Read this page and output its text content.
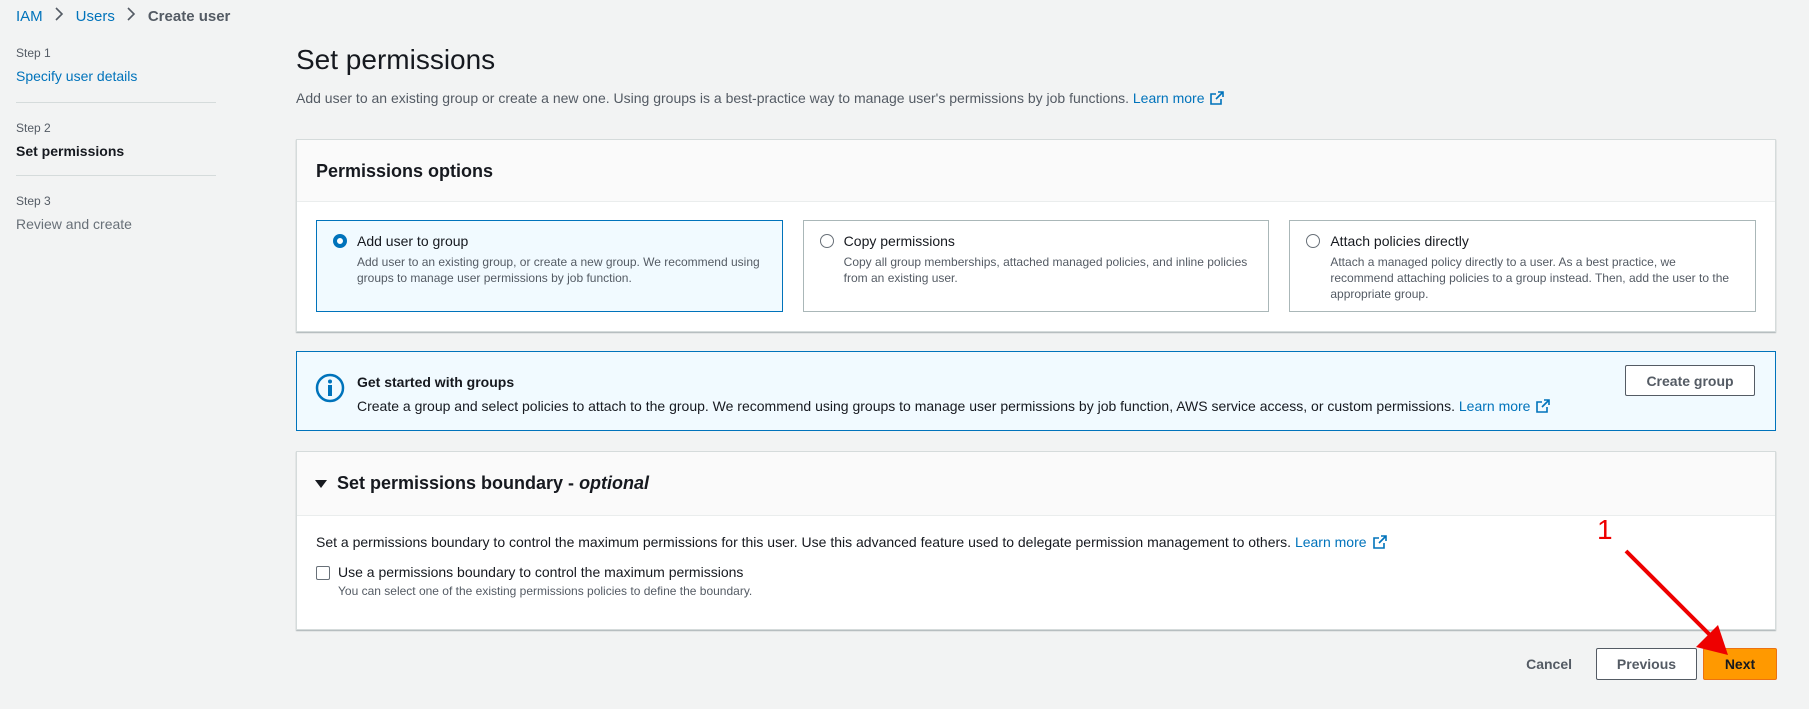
IAM Users Create user
Step 1
Specify user details
Step 2
Set permissions
Step 3
Review and create
Set permissions

Add user to an existing group or create a new one. Using groups is a best-practice way to manage user's permissions by job functions. Learn more

Permissions options
Add user to group
Add user to an existing group, or create a new group. We recommend using groups to manage user permissions by job function.
Copy permissions
Copy all group memberships, attached managed policies, and inline policies from an existing user.
Attach policies directly
Attach a managed policy directly to a user. As a best practice, we recommend attaching policies to a group instead. Then, add the user to the appropriate group.
Get started with groups
Create a group and select policies to attach to the group. We recommend using groups to manage user permissions by job function, AWS service access, or custom permissions. Learn more
Create group
Set permissions boundary - optional
Set a permissions boundary to control the maximum permissions for this user. Use this advanced feature used to delegate permission management to others. Learn more
Use a permissions boundary to control the maximum permissions
You can select one of the existing permissions policies to define the boundary.
Cancel	Previous	Next
1
